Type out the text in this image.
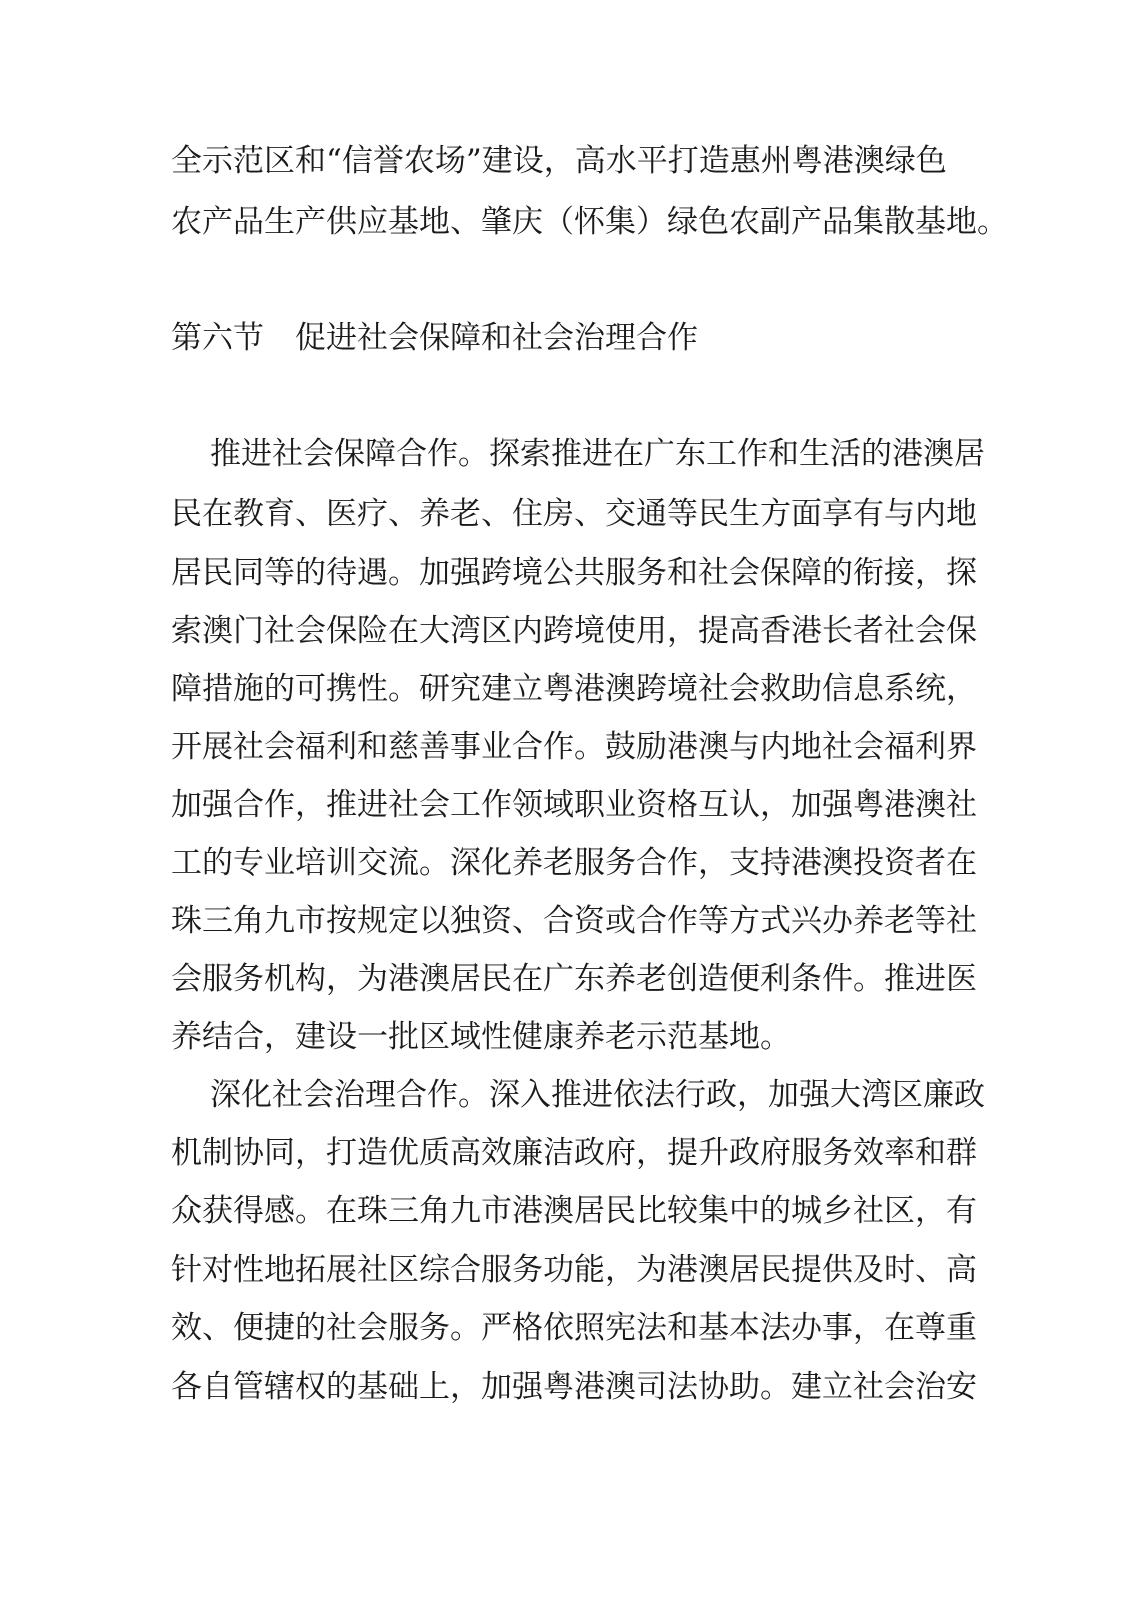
全示范区和“信誉农场”建设，高水平打造惠州粤港澳绿色
农产品生产供应基地、肇庆（怀集）绿色农副产品集散基地。
第六节　促进社会保障和社会治理合作
推进社会保障合作。探索推进在广东工作和生活的港澳居
民在教育、医疗、养老、住房、交通等民生方面享有与内地
居民同等的待遇。加强跨境公共服务和社会保障的衔接，探
索澳门社会保险在大湾区内跨境使用，提高香港长者社会保
障措施的可携性。研究建立粤港澳跨境社会救助信息系统，
开展社会福利和慈善事业合作。鼓励港澳与内地社会福利界
加强合作，推进社会工作领域职业资格互认，加强粤港澳社
工的专业培训交流。深化养老服务合作，支持港澳投资者在
珠三角九市按规定以独资、合资或合作等方式兴办养老等社
会服务机构，为港澳居民在广东养老创造便利条件。推进医
养结合，建设一批区域性健康养老示范基地。
深化社会治理合作。深入推进依法行政，加强大湾区廉政
机制协同，打造优质高效廉洁政府，提升政府服务效率和群
众获得感。在珠三角九市港澳居民比较集中的城乡社区，有
针对性地拓展社区综合服务功能，为港澳居民提供及时、高
效、便捷的社会服务。严格依照宪法和基本法办事，在尊重
各自管辖权的基础上，加强粤港澳司法协助。建立社会治安
